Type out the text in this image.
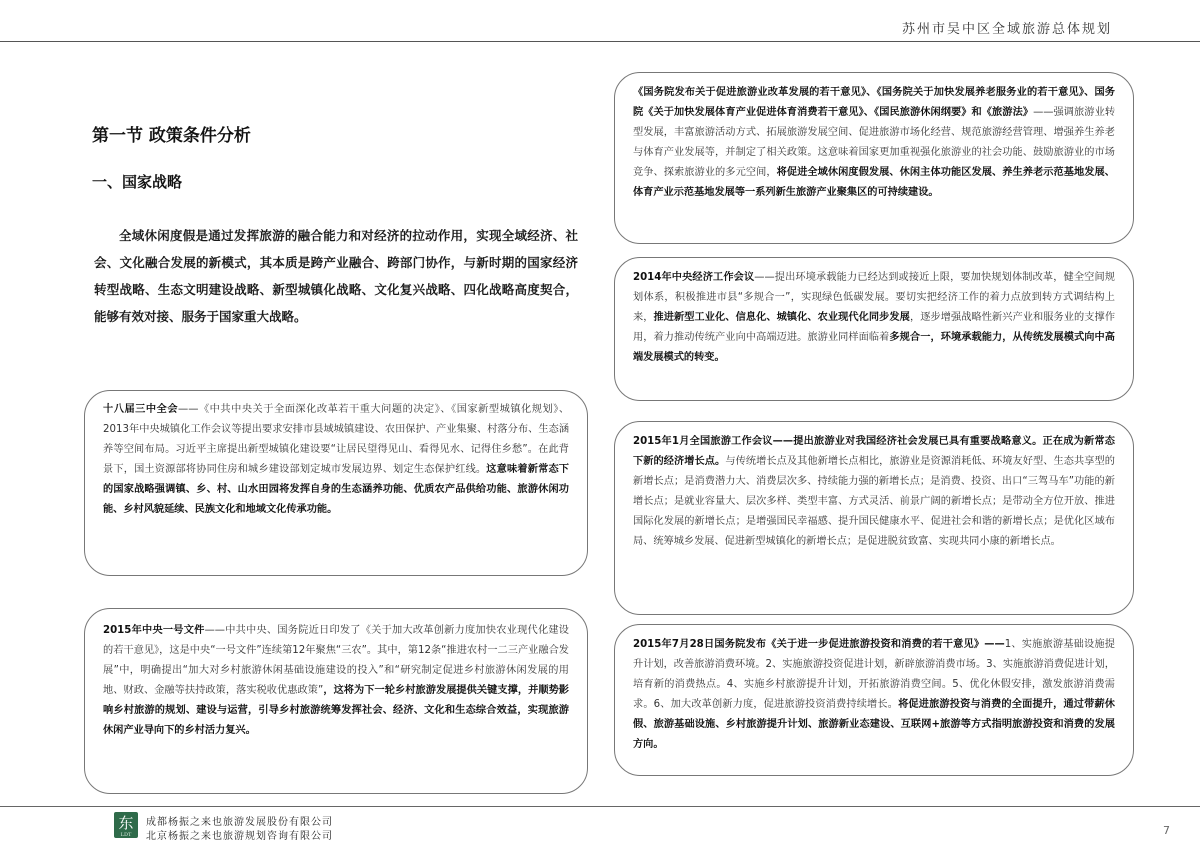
苏州市吴中区全域旅游总体规划
第一节 政策条件分析
一、国家战略

全域休闲度假是通过发挥旅游的融合能力和对经济的拉动作用，实现全域经济、社会、文化融合发展的新模式，其本质是跨产业融合、跨部门协作，与新时期的国家经济转型战略、生态文明建设战略、新型城镇化战略、文化复兴战略、四化战略高度契合，能够有效对接、服务于国家重大战略。

十八届三中全会——《中共中央关于全面深化改革若干重大问题的决定》、《国家新型城镇化规划》、2013年中央城镇化工作会议等提出要求安排市县域城镇建设、农田保护、产业集聚、村落分布、生态涵养等空间布局。习近平主席提出新型城镇化建设要“让居民望得见山、看得见水、记得住乡愁”。在此背景下，国土资源部将协同住房和城乡建设部划定城市发展边界、划定生态保护红线。这意味着新常态下的国家战略强调镇、乡、村、山水田园将发挥自身的生态涵养功能、优质农产品供给功能、旅游休闲功能、乡村风貌延续、民族文化和地域文化传承功能。
2015年中央一号文件——中共中央、国务院近日印发了《关于加大改革创新力度加快农业现代化建设的若干意见》，这是中央“一号文件”连续第12年聚焦“三农”。其中，第12条“推进农村一二三产业融合发展”中，明确提出“加大对乡村旅游休闲基础设施建设的投入”和“研究制定促进乡村旅游休闲发展的用地、财政、金融等扶持政策，落实税收优惠政策”，这将为下一轮乡村旅游发展提供关键支撑，并顺势影响乡村旅游的规划、建设与运营，引导乡村旅游统筹发挥社会、经济、文化和生态综合效益，实现旅游休闲产业导向下的乡村活力复兴。
《国务院发布关于促进旅游业改革发展的若干意见》、《国务院关于加快发展养老服务业的若干意见》、国务院《关于加快发展体育产业促进体育消费若干意见》、《国民旅游休闲纲要》和《旅游法》——强调旅游业转型发展，丰富旅游活动方式、拓展旅游发展空间、促进旅游市场化经营、规范旅游经营管理、增强养生养老与体育产业发展等，并制定了相关政策。这意味着国家更加重视强化旅游业的社会功能、鼓励旅游业的市场竞争、探索旅游业的多元空间，将促进全域休闲度假发展、休闲主体功能区发展、养生养老示范基地发展、体育产业示范基地发展等一系列新生旅游产业聚集区的可持续建设。
2014年中央经济工作会议——提出环境承载能力已经达到或接近上限，要加快规划体制改革，健全空间规划体系，积极推进市县“多规合一”，实现绿色低碳发展。要切实把经济工作的着力点放到转方式调结构上来，推进新型工业化、信息化、城镇化、农业现代化同步发展，逐步增强战略性新兴产业和服务业的支撑作用，着力推动传统产业向中高端迈进。旅游业同样面临着多规合一，环境承载能力，从传统发展模式向中高端发展模式的转变。
2015年1月全国旅游工作会议——提出旅游业对我国经济社会发展已具有重要战略意义。正在成为新常态下新的经济增长点。与传统增长点及其他新增长点相比，旅游业是资源消耗低、环境友好型、生态共享型的新增长点；是消费潜力大、消费层次多、持续能力强的新增长点；是消费、投资、出口“三驾马车”功能的新增长点；是就业容量大、层次多样、类型丰富、方式灵活、前景广阔的新增长点；是带动全方位开放、推进国际化发展的新增长点；是增强国民幸福感、提升国民健康水平、促进社会和谐的新增长点；是优化区域布局、统筹城乡发展、促进新型城镇化的新增长点；是促进脱贫致富、实现共同小康的新增长点。
2015年7月28日国务院发布《关于进一步促进旅游投资和消费的若干意见》——1、实施旅游基础设施提升计划，改善旅游消费环境。2、实施旅游投资促进计划，新辟旅游消费市场。3、实施旅游消费促进计划，培育新的消费热点。4、实施乡村旅游提升计划，开拓旅游消费空间。5、优化休假安排，激发旅游消费需求。6、加大改革创新力度，促进旅游投资消费持续增长。将促进旅游投资与消费的全面提升，通过带薪休假、旅游基础设施、乡村旅游提升计划、旅游新业态建设、互联网+旅游等方式指明旅游投资和消费的发展方向。
东
LDT
成都杨振之来也旅游发展股份有限公司
北京杨振之来也旅游规划咨询有限公司	7
